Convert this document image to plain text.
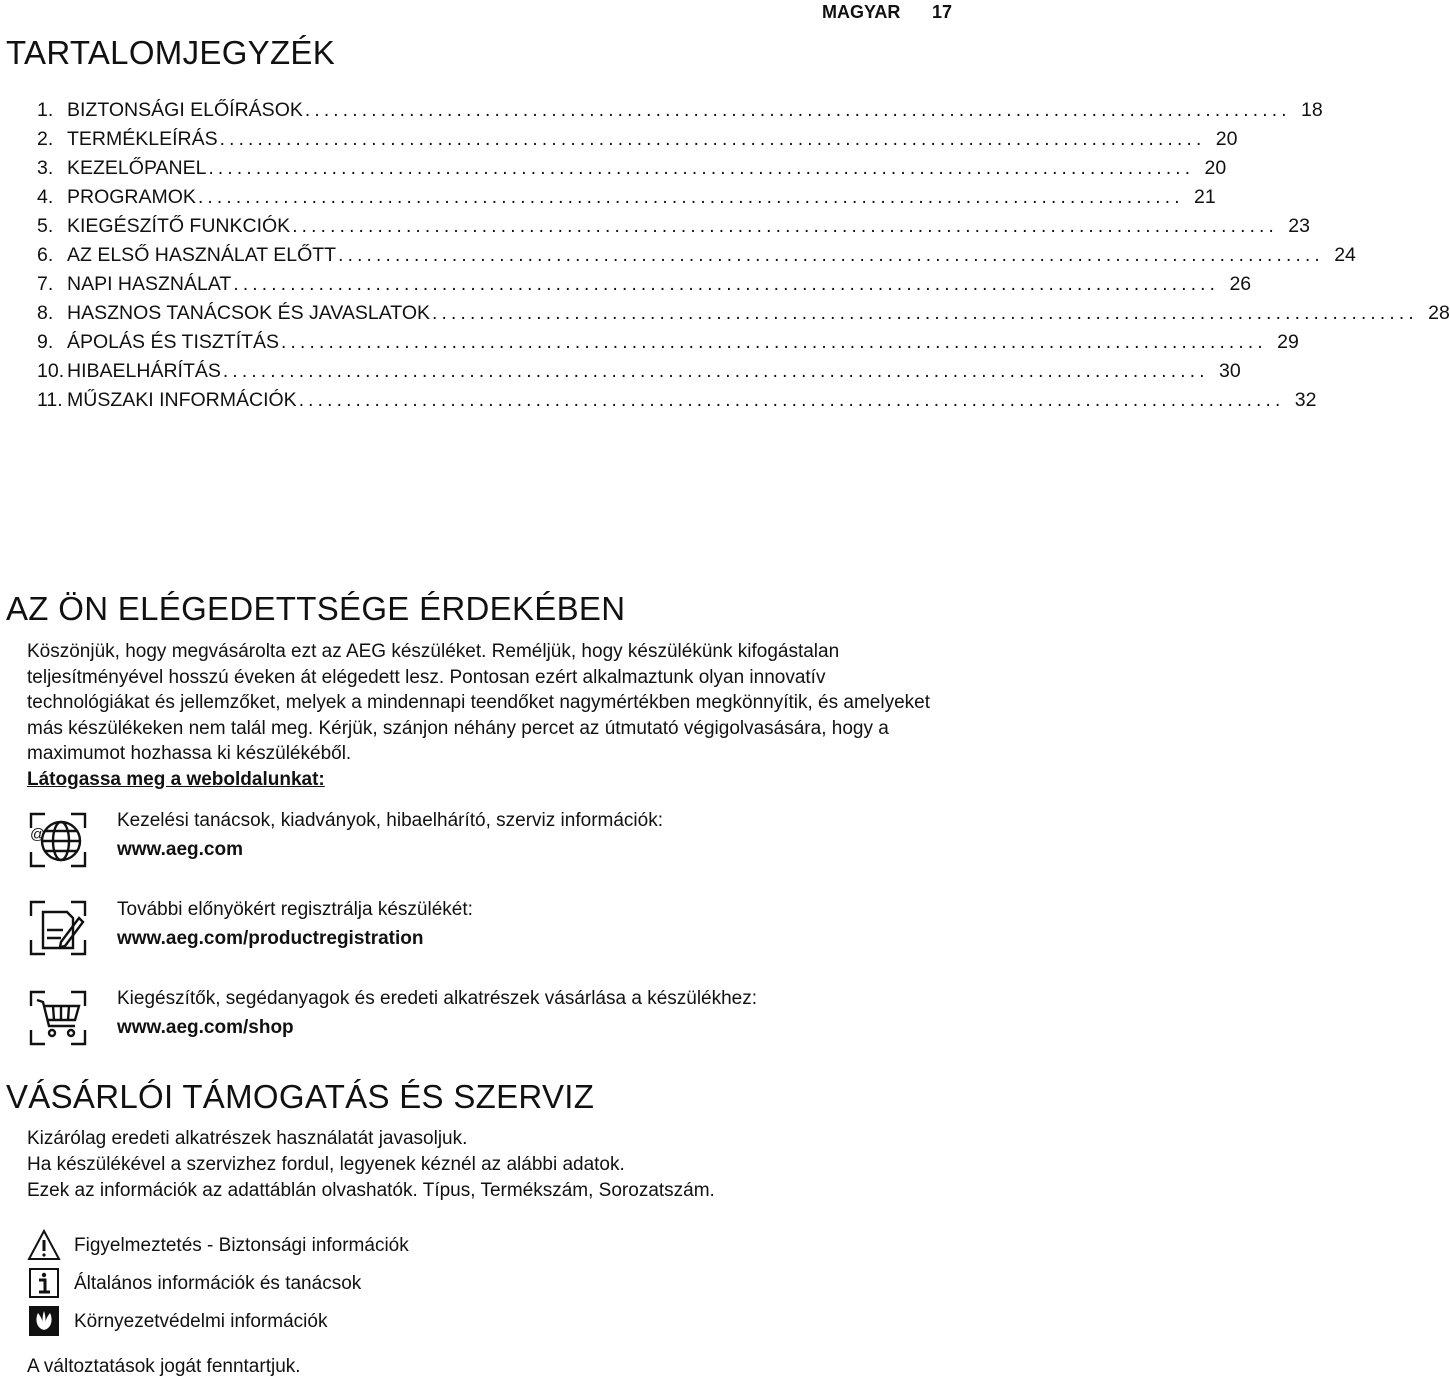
MAGYAR 17
TARTALOMJEGYZÉK
1. BIZTONSÁGI ELŐÍRÁSOK ........................................................................................................ 18
2. TERMÉKLEÍRÁS ........................................................................................................ 20
3. KEZELŐPANEL ........................................................................................................ 20
4. PROGRAMOK ........................................................................................................ 21
5. KIEGÉSZÍTŐ FUNKCIÓK ........................................................................................................ 23
6. AZ ELSŐ HASZNÁLAT ELŐTT ........................................................................................................ 24
7. NAPI HASZNÁLAT ........................................................................................................ 26
8. HASZNOS TANÁCSOK ÉS JAVASLATOK ........................................................................................................ 28
9. ÁPOLÁS ÉS TISZTÍTÁS ........................................................................................................ 29
10. HIBAELHÁRÍTÁS ........................................................................................................ 30
11. MŰSZAKI INFORMÁCIÓK ........................................................................................................ 32
AZ ÖN ELÉGEDETTSÉGE ÉRDEKÉBEN
Köszönjük, hogy megvásárolta ezt az AEG készüléket. Reméljük, hogy készülékünk kifogástalan teljesítményével hosszú éveken át elégedett lesz. Pontosan ezért alkalmaztunk olyan innovatív technológiákat és jellemzőket, melyek a mindennapi teendőket nagymértékben megkönnyítik, és amelyeket más készülékeken nem talál meg. Kérjük, szánjon néhány percet az útmutató végigolvasására, hogy a maximumot hozhassa ki készülékéből.
Látogassa meg a weboldalunkat:
@
Kezelési tanácsok, kiadványok, hibaelhárító, szerviz információk:
www.aeg.com
További előnyökért regisztrálja készülékét:
www.aeg.com/productregistration
Kiegészítők, segédanyagok és eredeti alkatrészek vásárlása a készülékhez:
www.aeg.com/shop
VÁSÁRLÓI TÁMOGATÁS ÉS SZERVIZ
Kizárólag eredeti alkatrészek használatát javasoljuk.
Ha készülékével a szervizhez fordul, legyenek kéznél az alábbi adatok.
Ezek az információk az adattáblán olvashatók. Típus, Termékszám, Sorozatszám.
Figyelmeztetés - Biztonsági információk
Általános információk és tanácsok
Környezetvédelmi információk
A változtatások jogát fenntartjuk.
